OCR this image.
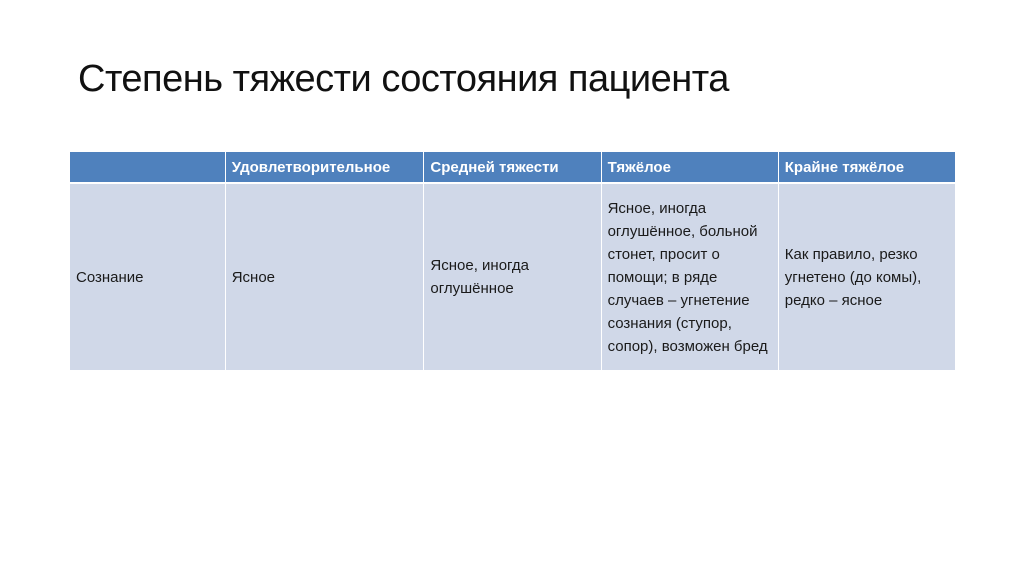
Степень тяжести состояния пациента
	Удовлетворительное	Средней тяжести	Тяжёлое	Крайне тяжёлое
Сознание	Ясное	Ясное, иногда оглушённое	Ясное, иногда оглушённое, больной стонет, просит о помощи; в ряде случаев – угнетение сознания (ступор, сопор), возможен бред	Как правило, резко угнетено (до комы), редко – ясное
